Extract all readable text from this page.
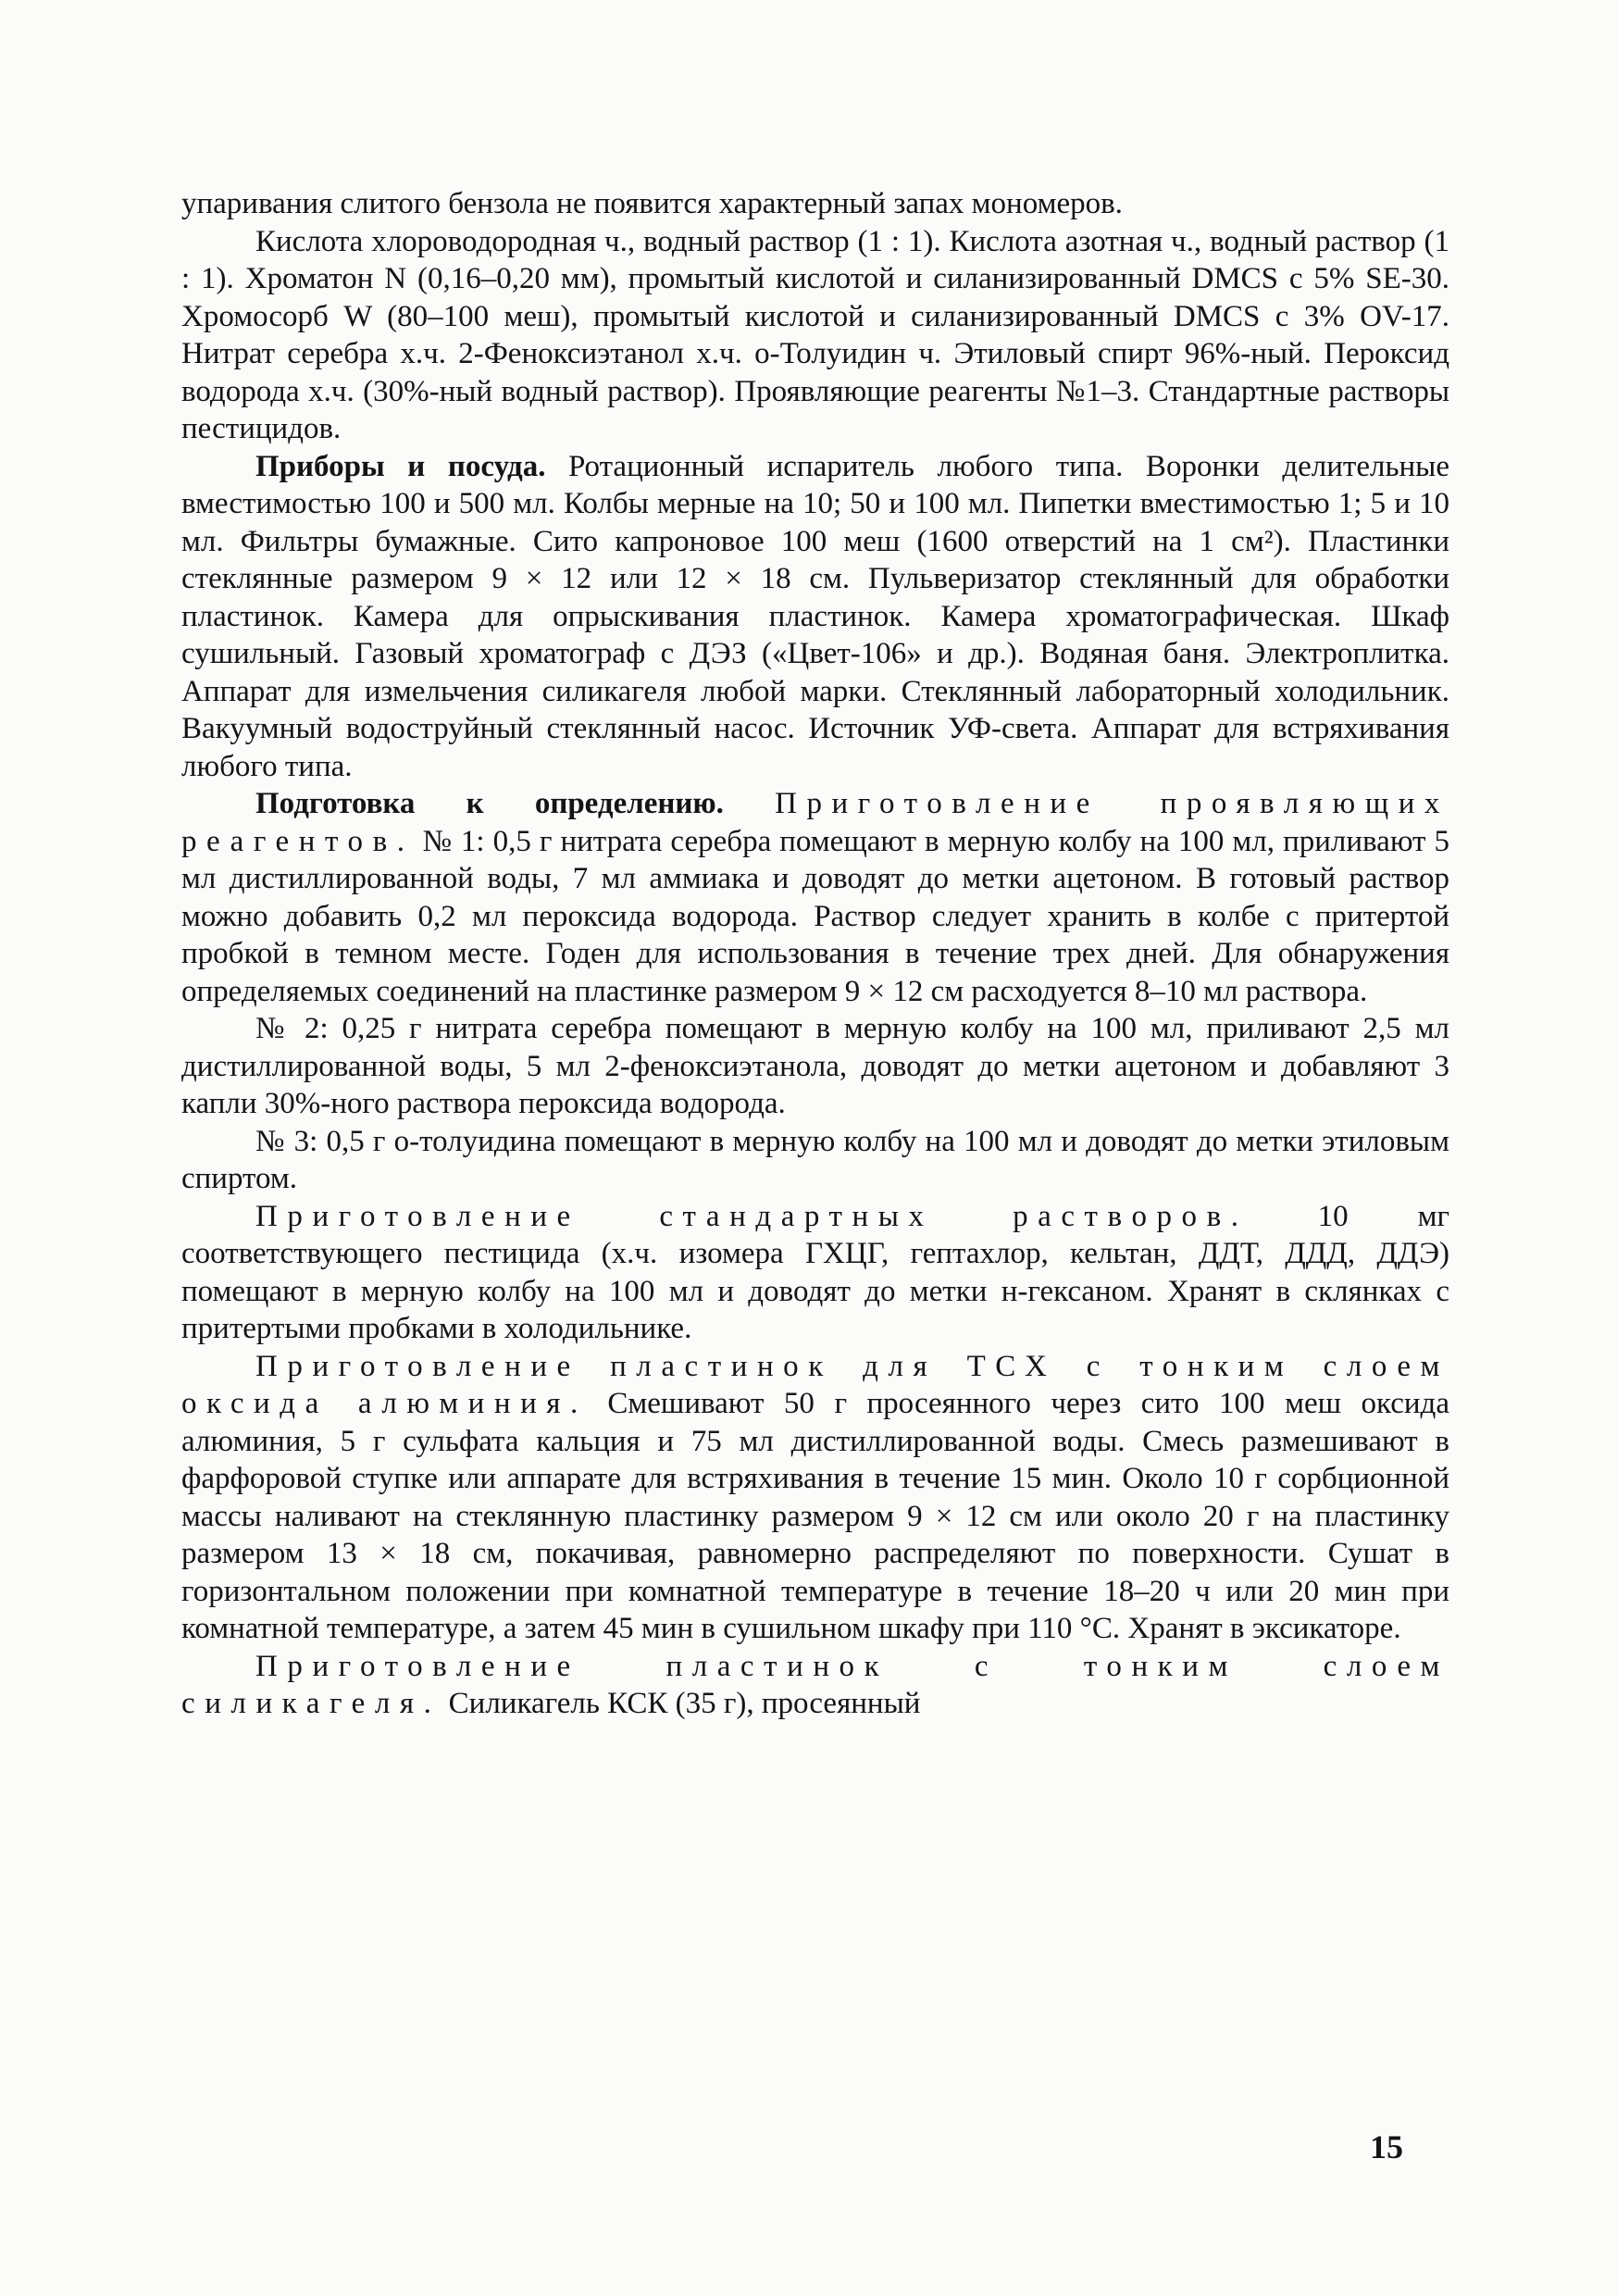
упаривания слитого бензола не появится характерный запах мономеров.

Кислота хлороводородная ч., водный раствор (1 : 1). Кислота азотная ч., водный раствор (1 : 1). Хроматон N (0,16–0,20 мм), промытый кислотой и силанизированный DMCS с 5% SE-30. Хромосорб W (80–100 меш), промытый кислотой и силанизированный DMCS с 3% OV-17. Нитрат серебра х.ч. 2-Феноксиэтанол х.ч. о-Толуидин ч. Этиловый спирт 96%-ный. Пероксид водорода х.ч. (30%-ный водный раствор). Проявляющие реагенты №1–3. Стандартные растворы пестицидов.

Приборы и посуда. Ротационный испаритель любого типа. Воронки делительные вместимостью 100 и 500 мл. Колбы мерные на 10; 50 и 100 мл. Пипетки вместимостью 1; 5 и 10 мл. Фильтры бумажные. Сито капроновое 100 меш (1600 отверстий на 1 см²). Пластинки стеклянные размером 9 × 12 или 12 × 18 см. Пульверизатор стеклянный для обработки пластинок. Камера для опрыскивания пластинок. Камера хроматографическая. Шкаф сушильный. Газовый хроматограф с ДЭЗ («Цвет-106» и др.). Водяная баня. Электроплитка. Аппарат для измельчения силикагеля любой марки. Стеклянный лабораторный холодильник. Вакуумный водоструйный стеклянный насос. Источник УФ-света. Аппарат для встряхивания любого типа.

Подготовка к определению. Приготовление проявляющих реагентов. № 1: 0,5 г нитрата серебра помещают в мерную колбу на 100 мл, приливают 5 мл дистиллированной воды, 7 мл аммиака и доводят до метки ацетоном. В готовый раствор можно добавить 0,2 мл пероксида водорода. Раствор следует хранить в колбе с притертой пробкой в темном месте. Годен для использования в течение трех дней. Для обнаружения определяемых соединений на пластинке размером 9 × 12 см расходуется 8–10 мл раствора.

№ 2: 0,25 г нитрата серебра помещают в мерную колбу на 100 мл, приливают 2,5 мл дистиллированной воды, 5 мл 2-феноксиэтанола, доводят до метки ацетоном и добавляют 3 капли 30%-ного раствора пероксида водорода.

№ 3: 0,5 г о-толуидина помещают в мерную колбу на 100 мл и доводят до метки этиловым спиртом.

Приготовление стандартных растворов. 10 мг соответствующего пестицида (х.ч. изомера ГХЦГ, гептахлор, кельтан, ДДТ, ДДД, ДДЭ) помещают в мерную колбу на 100 мл и доводят до метки н-гексаном. Хранят в склянках с притертыми пробками в холодильнике.

Приготовление пластинок для ТСХ с тонким слоем оксида алюминия. Смешивают 50 г просеянного через сито 100 меш оксида алюминия, 5 г сульфата кальция и 75 мл дистиллированной воды. Смесь размешивают в фарфоровой ступке или аппарате для встряхивания в течение 15 мин. Около 10 г сорбционной массы наливают на стеклянную пластинку размером 9 × 12 см или около 20 г на пластинку размером 13 × 18 см, покачивая, равномерно распределяют по поверхности. Сушат в горизонтальном положении при комнатной температуре в течение 18–20 ч или 20 мин при комнатной температуре, а затем 45 мин в сушильном шкафу при 110 °С. Хранят в эксикаторе.

Приготовление пластинок с тонким слоем силикагеля. Силикагель КСК (35 г), просеянный

15
